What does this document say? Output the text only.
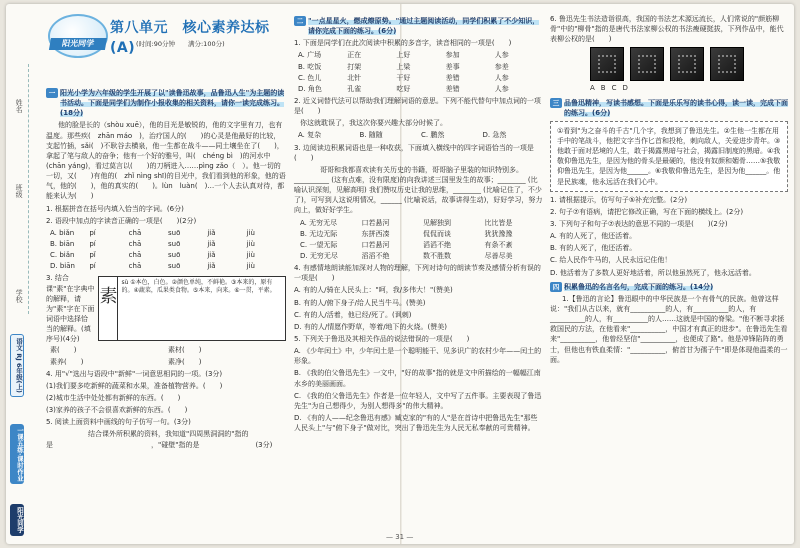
姓名
班级
学校
语文 RJ 6年级(上)
一课五练·课时作业
阳光同学
阳光同学
第八单元　核心素养达标(A) (时间:90分钟　　满分:100分)
一 阳光小学为六年级的学生开展了以"读鲁迅故事，品鲁迅人生"为主题的读书活动。下面是同学们为制作小报收集的相关资料，请你一读完成练习。(18分)

他的脸是长的（shòu xuē），他的目光是敏锐的，他的文字里有刀，也有温度。那些疾(　zhān máo　)，治疗国人的(　　)的心灵是他最好的比较，支起竹插，sǎi(　)不耿谷去横泉，他一生都在战斗——同土壤坐在了(　　)，拿起了笔与敌人的奋争；他有一个好的雅号，叫(　chéng bì　)的河水中(chān yáng)，看过莫言以(　　)的刀柄进入……pìng zǎo（　）。他一切的一切，又(　　)有他的(　zhǐ nìng shī)的目光中，我们看到他的形象，他的语气，他的(　　)，他的真实的(　　)。lùn　luàn(　)…一个人去认真对待，都能来认为(　　)

1. 根据拼音在括号内填入恰当的字词。(6分)
2. 语段中加点的字读音正确的一项是(　　)(2分)
A. biǎn	pí	chā	suō	jiǎ	jiù
B. biān	pí	chā	suō	jiǎ	jiù
C. biǎn	pǐ	chā	suō	jiǎ	jiù
D. biān	pí	chā	suō	jiǎ	jiù
3. 结合课"素"在字典中的解释，请为"素"字在下面词语中选择恰当的解释。(填序号)(4分)
素
sù ①本色，白色。②颜色单纯，不鲜艳。③本来的，原有的。④蔬菜，瓜果类食物。⑤本来，向来。⑥一贯，平素。
素(　　)	素材(　　)
素养(　　)	素净(　　)
4. 用"√"选出与语段中"新鲜"一词意思相同的一项。(3分)
(1)我们要多吃新鲜的蔬菜和水果，准备植物营养。(　　)
(2)城市生活中处处都有新鲜的东西。(　　)
(3)家养的孩子不会很喜欢新鲜的东西。(　　)
5. 阅读上面资料中画线的句子仿写一句。(3分)
　　　　　　结合课外所积累的资料，我知道"四周黑洞洞的"指的是　　　　　　　　　　　　　　，"碰壁"指的是　　　　　　　　(3分)
二 "一点星星火，燃成燎原势。"通过主题阅读活动，同学们积累了不少知识，请你完成下面的练习。(6分)
1. 下面是同学们在此次阅读中积累的多音字，读音相同的一项是(　　)
A. 广场	正在	上好	参加	人参
B. 吃饭	打架	上梁	差事	参差
C. 色儿	北针	干好	差错	人参
D. 角色	孔雀	吃好	差错	人参
2. 近义词替代法可以帮助我们理解词语的意思。下列不能代替句中加点词的一项是(　　)
你这就耽误了，我这次你要兴趣大部分时候了。
A. 复杂	B. 随随	C. 鹏然	D. 急然
3. 边阅读边积累词语也是一种收获，下面填入横线中的四字词语恰当的一项是(　　)

　　哥哥和我都喜欢读有关历史的书籍，哥哥脑子里装的知识特别多。__________ (这有点难，没有限度)的向我讲述三国里发生的故事；________ (比喻认识深刻，见解高明) 我们赞叹历史让我的思维，________ (比喻记住了，不少了)，可写到人这说明情况，______ (比喻说话，故事讲得生动)，好好学习，努力向上，做好好学生。

A. 无穷无尽	口若悬河	见解独到	比比皆是
B. 无边无际	东拼西凑	侃侃而谈	犹犹豫豫
C. 一望无际	口若悬河	滔滔不绝	有条不紊
D. 无穷无尽	滔滔不绝	数不胜数	尽善尽美
4. 有感情地朗读能加深对人物的理解，下列对诗句的朗读节奏及感情分析有误的一项是(　　)
A. 有的人/骑在人民头上："呵，我/多伟大！"(赞美)
B. 有的人/俯下身子/给人民当牛马。(赞美)
C. 有的人/活着，他已经/死了。(讽刺)
D. 有的人/情愿作野草，等着/地下的火烧。(赞美)
5. 下列关于鲁迅及其相关作品的说法错误的一项是(　　)
A. 《少年闰土》中，少年闰土是一个聪明能干、见多识广的农村少年——闰土的形象。
B. 《我的伯父鲁迅先生》一文中，"好的故事"指的就是文中所描绘的一幅幅江南水乡的美丽画面。
C. 《我的伯父鲁迅先生》作者是一位年轻人，文中写了五件事。主要表现了鲁迅先生"为自己想得少，为别人想得多"的伟大精神。
D. 《有的人——纪念鲁迅有感》臧克家的"有的人"是在首诗中把鲁迅先生"那些人民头上"与"俯下身子"做对比，突出了鲁迅先生为人民无私奉献的可贵精神。
6. 鲁迅先生书法造诣很高，我国的书法艺术源远流长，人们常说的"颜筋柳骨"中的"柳骨"指的是唐代书法家柳公权的书法瘦硬挺拔，下列作品中，能代表柳公权的是(　　)
A B C D
三 品鲁迅精神，写读书感想。下面是乐乐写的读书心得，读一读，完成下面的练习。(6分)
①看到"为之奋斗的千古"几个字，我想到了鲁迅先生。②生他一生都在用手中的笔战斗，他把文字当作匕首和投枪，刺向敌人，关爱进步青年。③他敢于面对恶境的人生，敢于揭露黑暗与社会，揭露旧制度的黑暗。④我敬仰鲁迅先生，是因为他的骨头是最硬的，他没有奴颜和媚骨……⑤我敬仰鲁迅先生，是因为他______。⑥我敬仰鲁迅先生，是因为他______。他是民族魂，他永远活在我们心中。
1. 请根据提示，仿写句子⑤补充完整。(2分)
2. 句子⑦有语病，请把它修改正确，写在下面的横线上。(2分)
3. 下列句子和句子⑦表达的意思不同的一项是(　　)(2分)
A. 有的人死了，他还活着。
B. 有的人死了，他还活着。
C. 给人民作牛马的，人民永远记住他！
D. 他活着为了多数人更好地活着，所以他虽然死了，他永远活着。
四 积累鲁迅的名言名句，完成下面的练习。(14分)

1.【鲁迅的言论】鲁迅眼中的中华民族是一个有骨气的民族。他曾这样说："我们从古以来，就有__________的人，有__________的人，有__________的人，有__________的人……这就是中国的脊梁。"他不断寻求拯救国民的方法，在他看来"__________，中国才有真正的进步"。在鲁迅先生看来"__________，他曾经坚信"__________，也便成了路"。他是冲锋陷阵的勇士，但他也有铁血柔情："__________，俯首甘为孺子牛"即是体现他温柔的一面。

— 31 —
